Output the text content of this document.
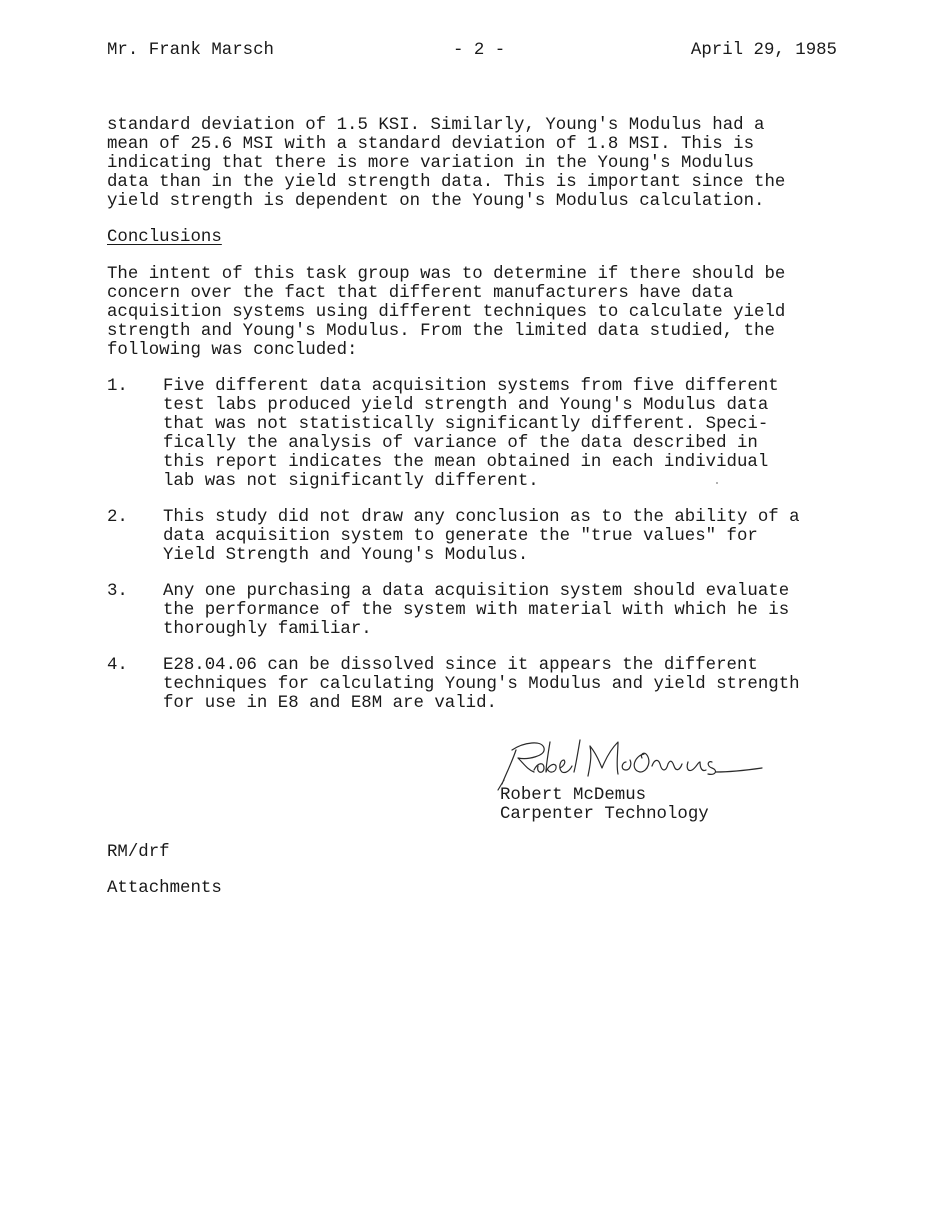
Mr. Frank Marsch	- 2 -	April 29, 1985

standard deviation of 1.5 KSI. Similarly, Young's Modulus had a
mean of 25.6 MSI with a standard deviation of 1.8 MSI. This is
indicating that there is more variation in the Young's Modulus
data than in the yield strength data. This is important since the
yield strength is dependent on the Young's Modulus calculation.

Conclusions

The intent of this task group was to determine if there should be
concern over the fact that different manufacturers have data
acquisition systems using different techniques to calculate yield
strength and Young's Modulus. From the limited data studied, the
following was concluded:

1. Five different data acquisition systems from five different
test labs produced yield strength and Young's Modulus data
that was not statistically significantly different. Speci-
fically the analysis of variance of the data described in
this report indicates the mean obtained in each individual
lab was not significantly different.

2. This study did not draw any conclusion as to the ability of a
data acquisition system to generate the "true values" for
Yield Strength and Young's Modulus.

3. Any one purchasing a data acquisition system should evaluate
the performance of the system with material with which he is
thoroughly familiar.

4. E28.04.06 can be dissolved since it appears the different
techniques for calculating Young's Modulus and yield strength
for use in E8 and E8M are valid.

Robert McDemus
Carpenter Technology
RM/drf
Attachments
